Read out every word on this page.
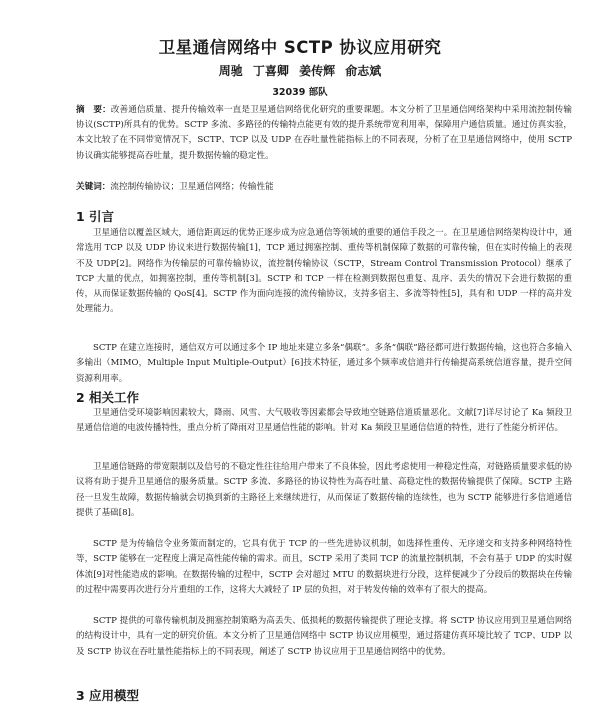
卫星通信网络中 SCTP 协议应用研究
周驰 丁喜卿 姜传辉 俞志斌
32039 部队
摘　要：改善通信质量、提升传输效率一直是卫星通信网络优化研究的重要课题。本文分析了卫星通信网络架构中采用流控制传输协议(SCTP)所具有的优势。SCTP 多流、多路径的传输特点能更有效的提升系统带宽利用率，保障用户通信质量。通过仿真实验，本文比较了在不同带宽情况下，SCTP、TCP 以及 UDP 在吞吐量性能指标上的不同表现，分析了在卫星通信网络中，使用 SCTP 协议确实能够提高吞吐量，提升数据传输的稳定性。
关键词：流控制传输协议；卫星通信网络；传输性能
1 引言
卫星通信以覆盖区域大，通信距离远的优势正逐步成为应急通信等领域的重要的通信手段之一。在卫星通信网络架构设计中，通常选用 TCP 以及 UDP 协议来进行数据传输[1]，TCP 通过拥塞控制、重传等机制保障了数据的可靠传输，但在实时传输上的表现不及 UDP[2]。网络作为传输层的可靠传输协议，流控制传输协议（SCTP，Stream Control Transmission Protocol）继承了 TCP 大量的优点，如拥塞控制，重传等机制[3]。SCTP 和 TCP 一样在检测到数据包重复、乱序、丢失的情况下会进行数据的重传，从而保证数据传输的 QoS[4]。SCTP 作为面向连接的流传输协议，支持多宿主、多流等特性[5]，具有和 UDP 一样的高并发处理能力。
SCTP 在建立连接时，通信双方可以通过多个 IP 地址来建立多条“偶联”。多条“偶联”路径都可进行数据传输，这也符合多输入多输出（MIMO，Multiple Input Multiple-Output）[6]技术特征，通过多个频率或信道并行传输提高系统信道容量，提升空间资源利用率。
2 相关工作
卫星通信受环境影响因素较大，降雨、风雪、大气吸收等因素都会导致地空链路信道质量恶化。文献[7]详尽讨论了 Ka 频段卫星通信信道的电波传播特性，重点分析了降雨对卫星通信性能的影响。针对 Ka 频段卫星通信信道的特性，进行了性能分析评估。
卫星通信链路的带宽限制以及信号的不稳定性往往给用户带来了不良体验，因此考虑使用一种稳定性高，对链路质量要求低的协议将有助于提升卫星通信的服务质量。SCTP 多流、多路径的协议特性为高吞吐量、高稳定性的数据传输提供了保障。SCTP 主路径一旦发生故障，数据传输就会切换到新的主路径上来继续进行，从而保证了数据传输的连续性，也为 SCTP 能够进行多信道通信提供了基础[8]。
SCTP 是为传输信令业务策而制定的，它具有优于 TCP 的一些先进协议机制，如选择性重传、无序递交和支持多种网络特性等，SCTP 能够在一定程度上满足高性能传输的需求。而且，SCTP 采用了类同 TCP 的流量控制机制，不会有基于 UDP 的实时媒体流[9]对性能造成的影响。在数据传输的过程中，SCTP 会对超过 MTU 的数据块进行分段，这样便减少了分段后的数据块在传输的过程中需要再次进行分片重组的工作，这将大大减轻了 IP 层的负担，对于转发传输的效率有了很大的提高。
SCTP 提供的可靠传输机制及拥塞控制策略为高丢失、低损耗的数据传输提供了理论支撑。将 SCTP 协议应用到卫星通信网络的结构设计中，具有一定的研究价值。本文分析了卫星通信网络中 SCTP 协议应用模型，通过搭建仿真环境比较了 TCP、UDP 以及 SCTP 协议在吞吐量性能指标上的不同表现，阐述了 SCTP 协议应用于卫星通信网络中的优势。
3 应用模型
